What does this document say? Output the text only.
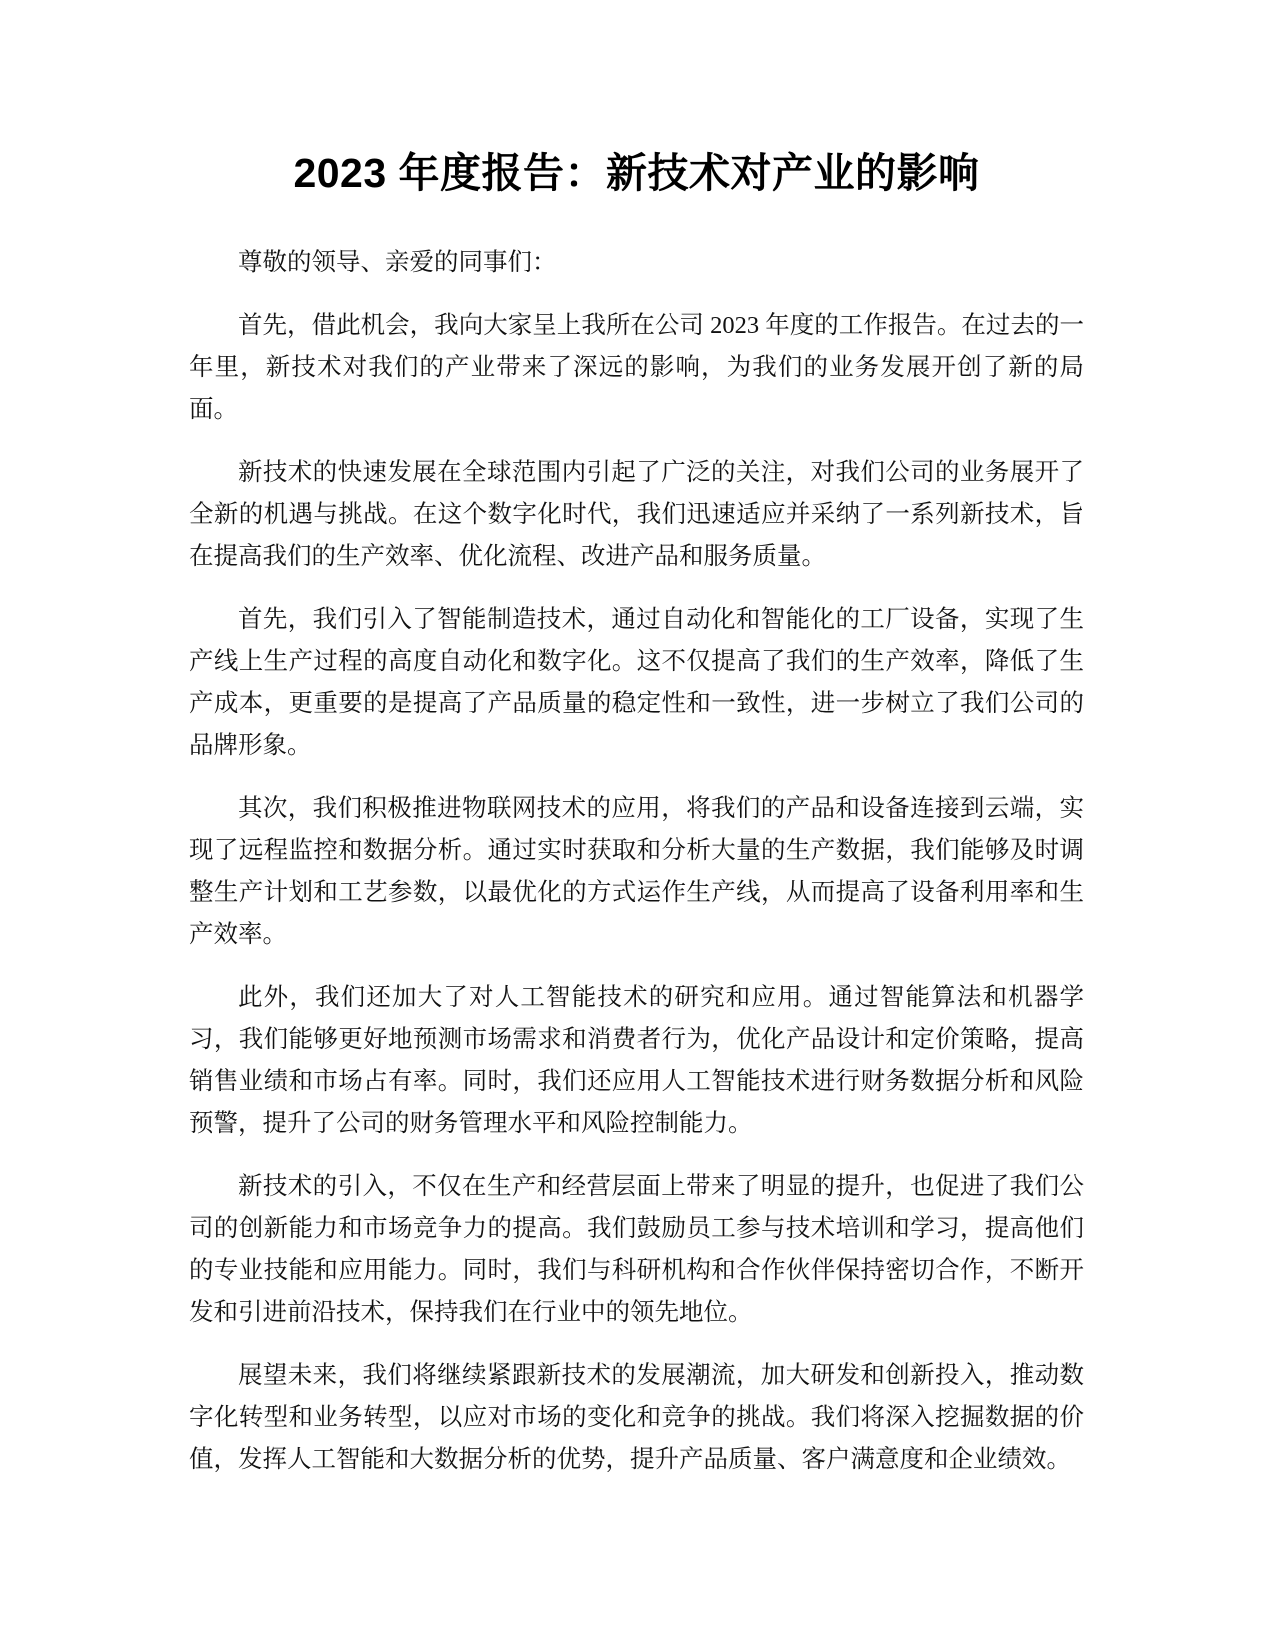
2023 年度报告：新技术对产业的影响

尊敬的领导、亲爱的同事们：

首先，借此机会，我向大家呈上我所在公司 2023 年度的工作报告。在过去的一年里，新技术对我们的产业带来了深远的影响，为我们的业务发展开创了新的局面。

新技术的快速发展在全球范围内引起了广泛的关注，对我们公司的业务展开了全新的机遇与挑战。在这个数字化时代，我们迅速适应并采纳了一系列新技术，旨在提高我们的生产效率、优化流程、改进产品和服务质量。

首先，我们引入了智能制造技术，通过自动化和智能化的工厂设备，实现了生产线上生产过程的高度自动化和数字化。这不仅提高了我们的生产效率，降低了生产成本，更重要的是提高了产品质量的稳定性和一致性，进一步树立了我们公司的品牌形象。

其次，我们积极推进物联网技术的应用，将我们的产品和设备连接到云端，实现了远程监控和数据分析。通过实时获取和分析大量的生产数据，我们能够及时调整生产计划和工艺参数，以最优化的方式运作生产线，从而提高了设备利用率和生产效率。

此外，我们还加大了对人工智能技术的研究和应用。通过智能算法和机器学习，我们能够更好地预测市场需求和消费者行为，优化产品设计和定价策略，提高销售业绩和市场占有率。同时，我们还应用人工智能技术进行财务数据分析和风险预警，提升了公司的财务管理水平和风险控制能力。

新技术的引入，不仅在生产和经营层面上带来了明显的提升，也促进了我们公司的创新能力和市场竞争力的提高。我们鼓励员工参与技术培训和学习，提高他们的专业技能和应用能力。同时，我们与科研机构和合作伙伴保持密切合作，不断开发和引进前沿技术，保持我们在行业中的领先地位。

展望未来，我们将继续紧跟新技术的发展潮流，加大研发和创新投入，推动数字化转型和业务转型，以应对市场的变化和竞争的挑战。我们将深入挖掘数据的价值，发挥人工智能和大数据分析的优势，提升产品质量、客户满意度和企业绩效。
